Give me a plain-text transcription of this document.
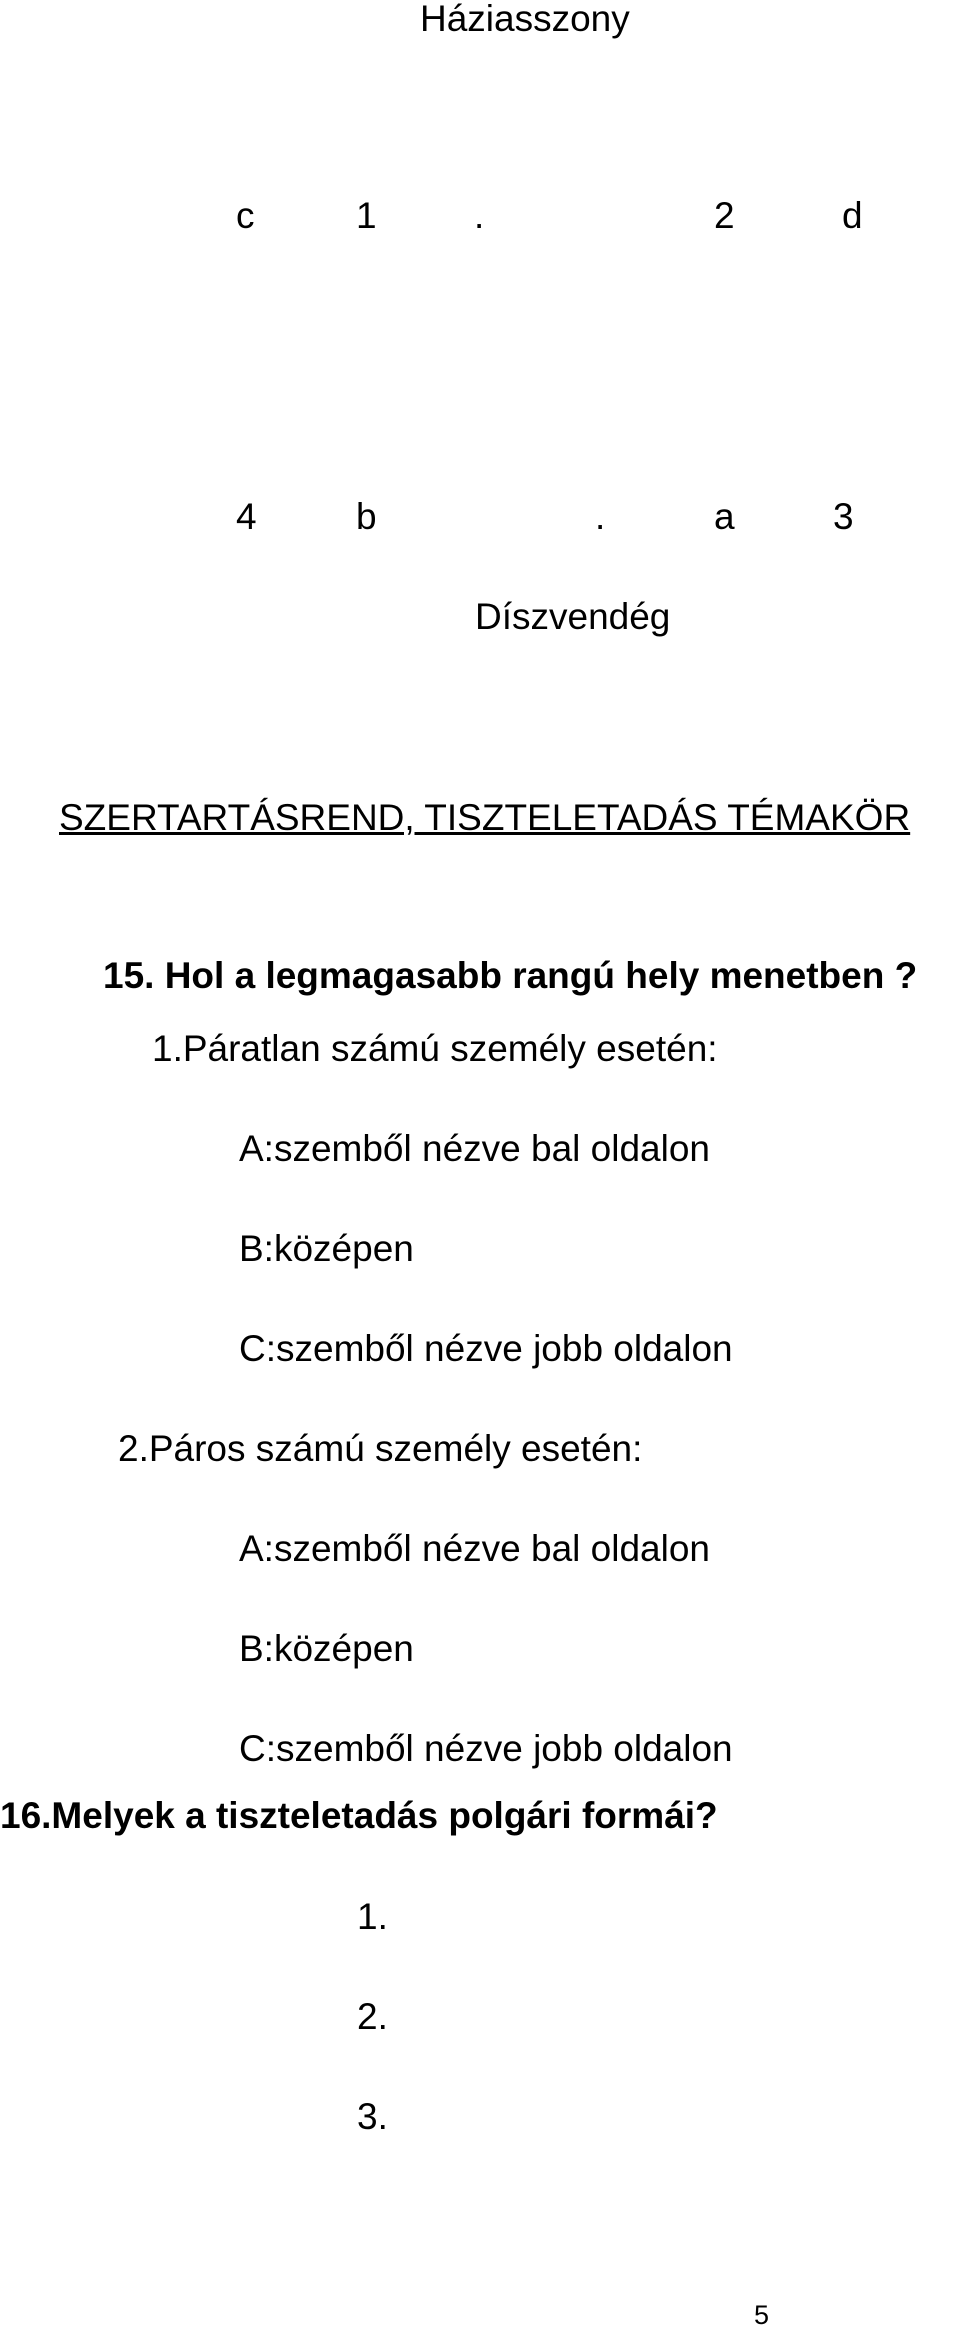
Háziasszony
c	1	.	2	d
4	b	.	a	3
Díszvendég
SZERTARTÁSREND, TISZTELETADÁS TÉMAKÖR
15. Hol a legmagasabb rangú hely menetben ?
1.Páratlan számú személy esetén:
A:szemből nézve bal oldalon
B:középen
C:szemből nézve jobb oldalon
2.Páros számú személy esetén:
A:szemből nézve bal oldalon
B:középen
C:szemből nézve jobb oldalon
16.Melyek a tiszteletadás polgári formái?
1.
2.
3.
5
